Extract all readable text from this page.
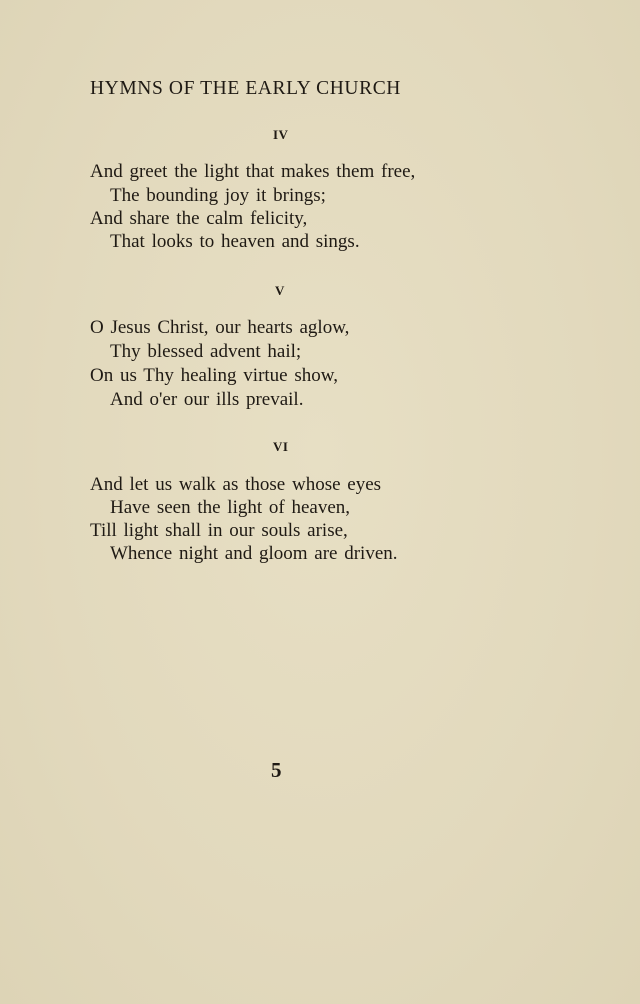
HYMNS OF THE EARLY CHURCH
IV
And greet the light that makes them free,
The bounding joy it brings;
And share the calm felicity,
That looks to heaven and sings.
V
O Jesus Christ, our hearts aglow,
Thy blessed advent hail;
On us Thy healing virtue show,
And o'er our ills prevail.
VI
And let us walk as those whose eyes
Have seen the light of heaven,
Till light shall in our souls arise,
Whence night and gloom are driven.
5
